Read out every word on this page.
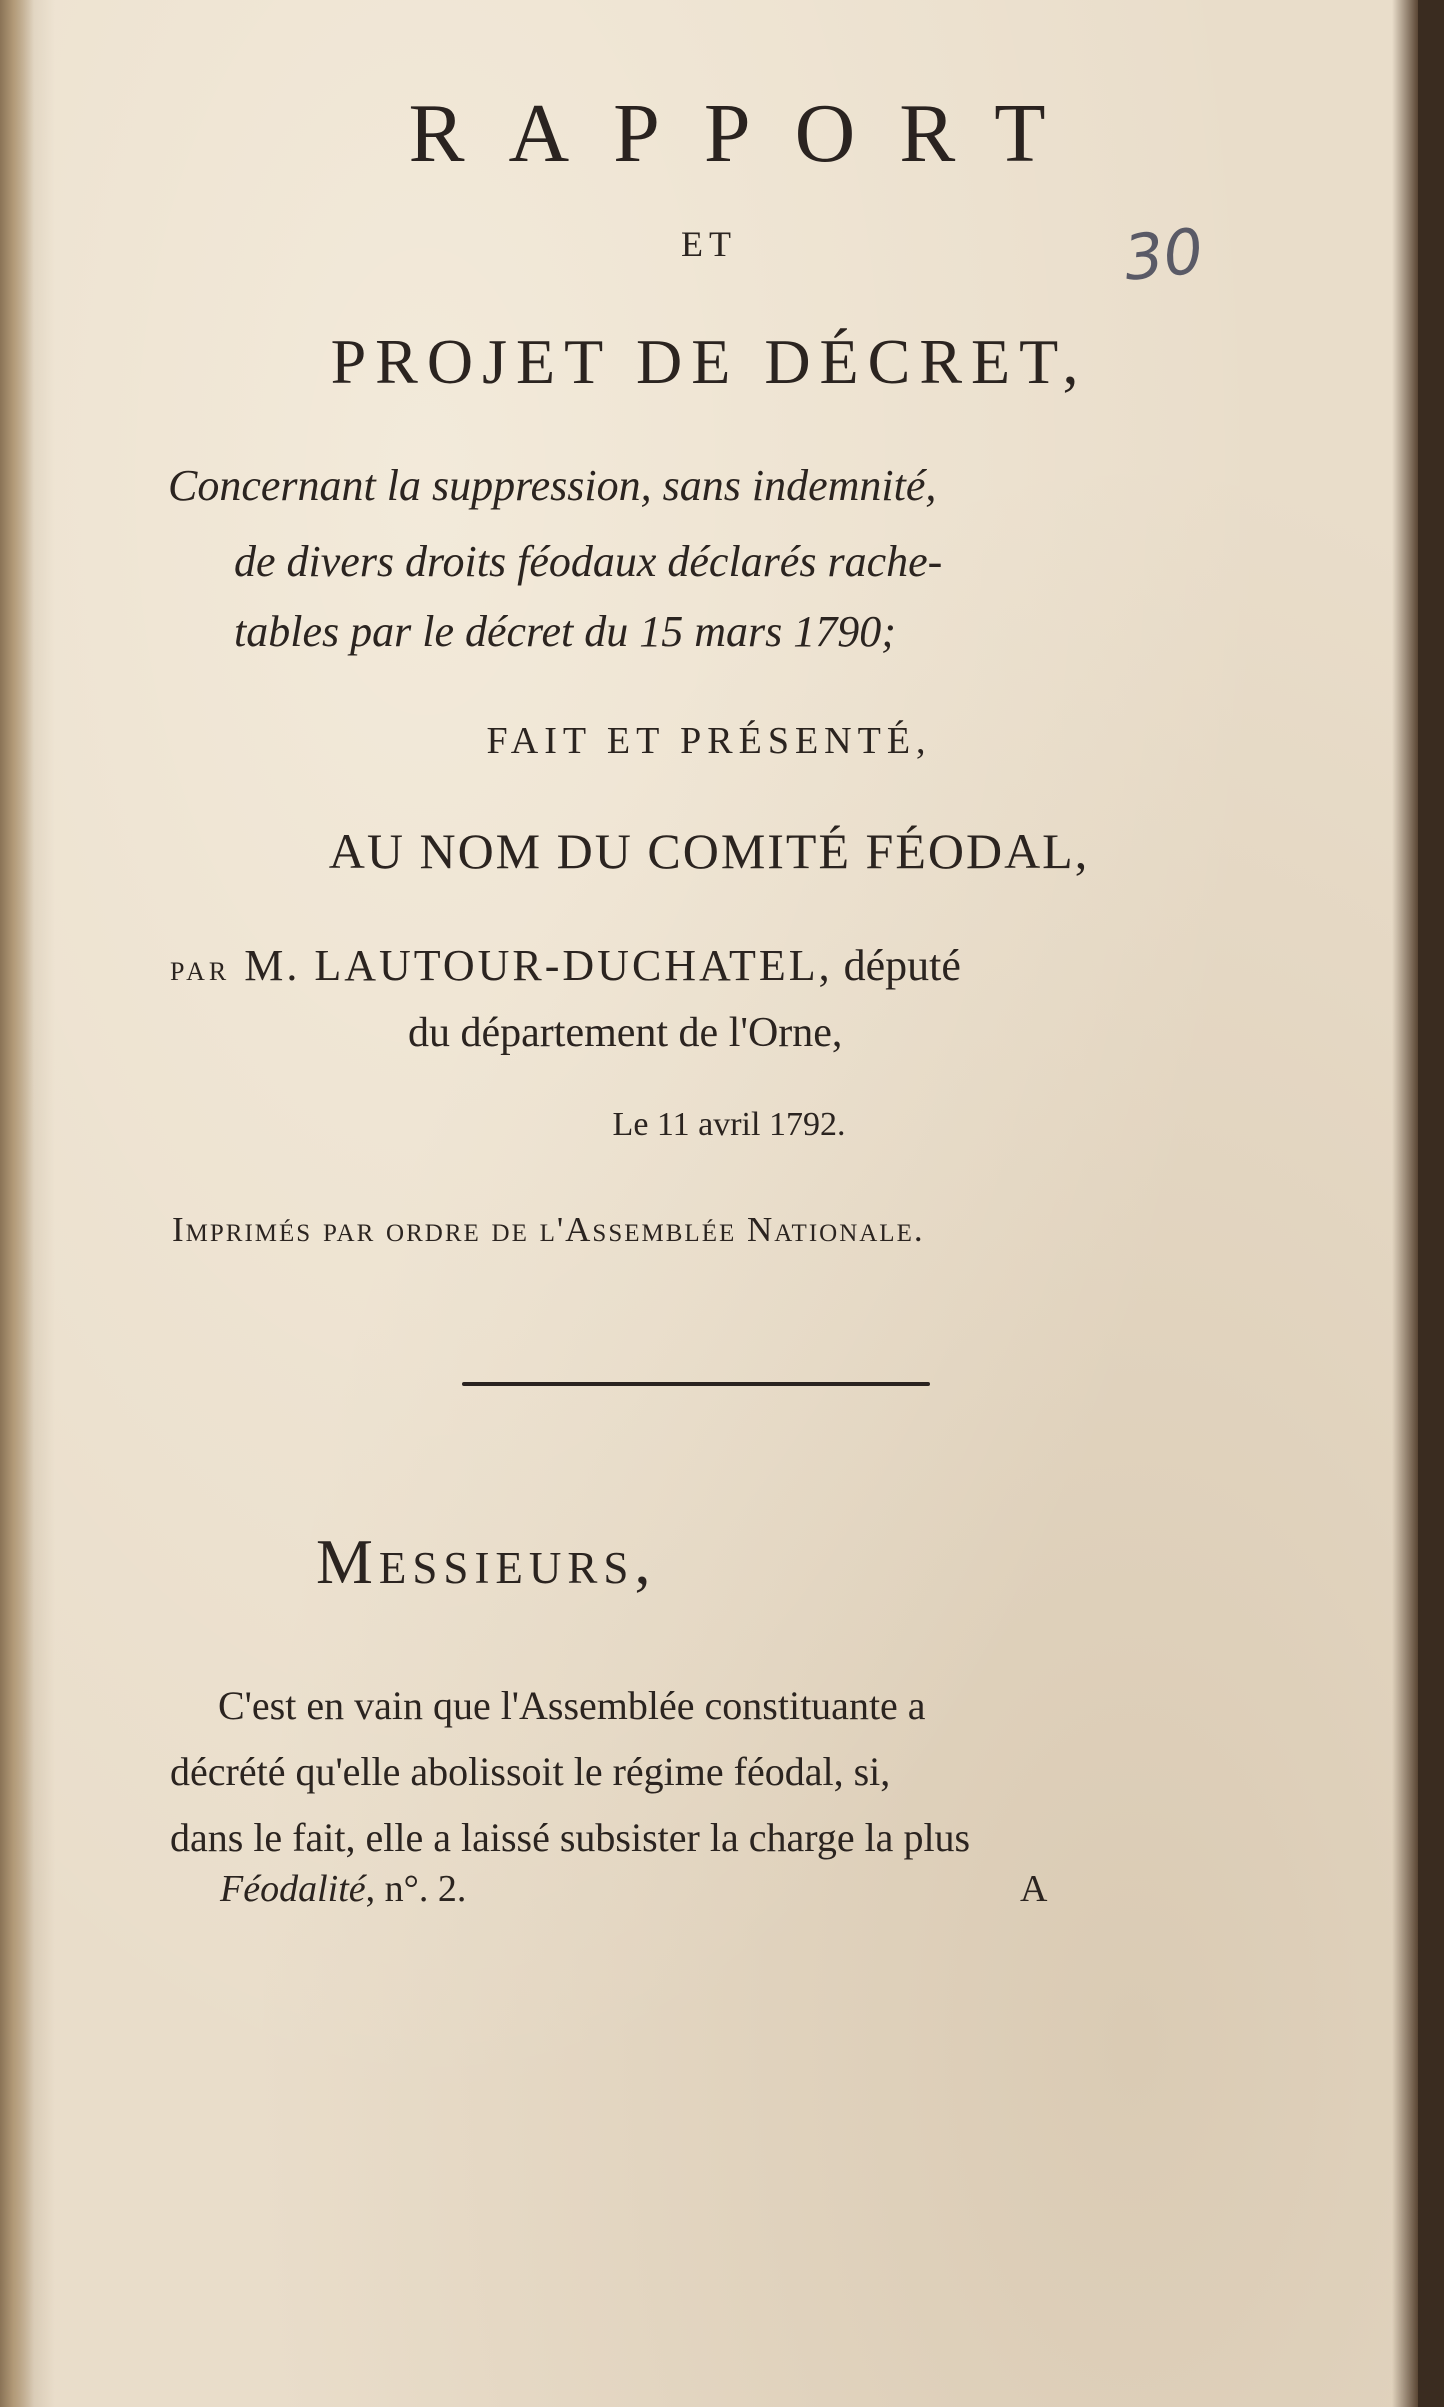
RAPPORT
30
ET
PROJET DE DÉCRET,
Concernant la suppression, sans indemnité,
de divers droits féodaux déclarés rache-
tables par le décret du 15 mars 1790;
FAIT ET PRÉSENTÉ,
AU NOM DU COMITÉ FÉODAL,
PAR M. LAUTOUR-DUCHATEL, député
du département de l'Orne,
Le 11 avril 1792.
Imprimés par ordre de l'Assemblée Nationale.
Messieurs,
C'est en vain que l'Assemblée constituante a
décrété qu'elle abolissoit le régime féodal, si,
dans le fait, elle a laissé subsister la charge la plus
Féodalité, n°. 2.	A
